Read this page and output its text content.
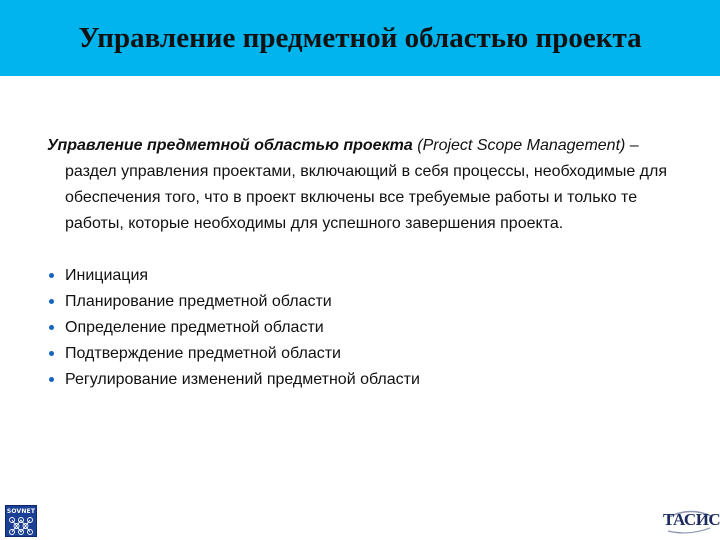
Управление предметной областью проекта

Управление предметной областью проекта (Project Scope Management) – раздел управления проектами, включающий в себя процессы, необходимые для обеспечения того, что в проект включены все требуемые работы и только те работы, которые необходимы для успешного завершения проекта.

Инициация
Планирование предметной области
Определение предметной области
Подтверждение предметной области
Регулирование изменений предметной области
SOVNET	ТАСИС
